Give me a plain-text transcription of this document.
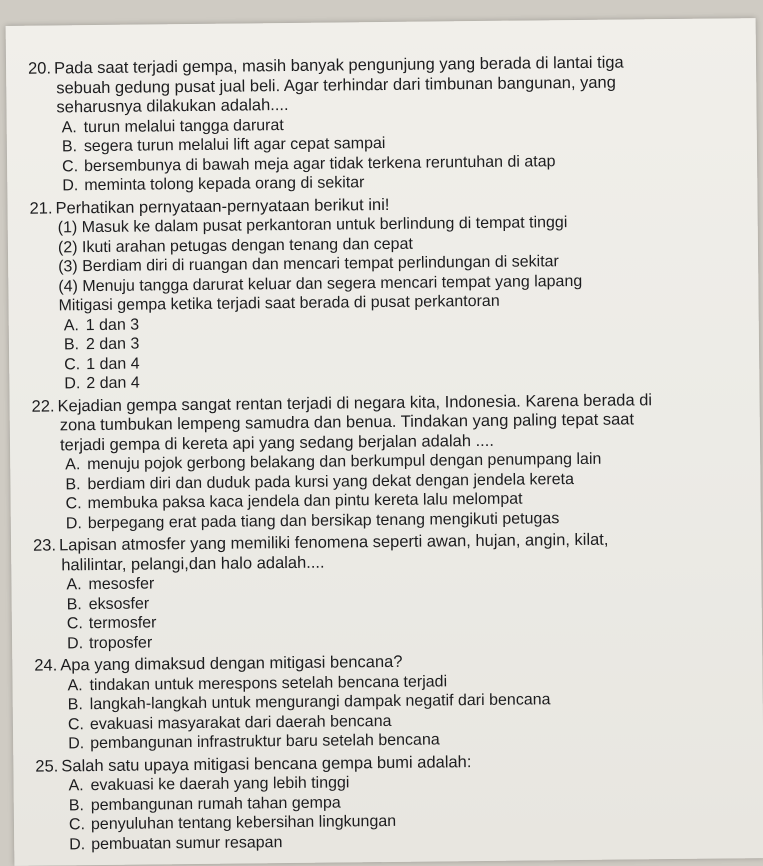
20. Pada saat terjadi gempa, masih banyak pengunjung yang berada di lantai tiga
sebuah gedung pusat jual beli. Agar terhindar dari timbunan bangunan, yang
seharusnya dilakukan adalah....
A. turun melalui tangga darurat
B. segera turun melalui lift agar cepat sampai
C. bersembunya di bawah meja agar tidak terkena reruntuhan di atap
D. meminta tolong kepada orang di sekitar
21. Perhatikan pernyataan-pernyataan berikut ini!
(1) Masuk ke dalam pusat perkantoran untuk berlindung di tempat tinggi
(2) Ikuti arahan petugas dengan tenang dan cepat
(3) Berdiam diri di ruangan dan mencari tempat perlindungan di sekitar
(4) Menuju tangga darurat keluar dan segera mencari tempat yang lapang
Mitigasi gempa ketika terjadi saat berada di pusat perkantoran
A. 1 dan 3
B. 2 dan 3
C. 1 dan 4
D. 2 dan 4
22. Kejadian gempa sangat rentan terjadi di negara kita, Indonesia. Karena berada di
zona tumbukan lempeng samudra dan benua. Tindakan yang paling tepat saat
terjadi gempa di kereta api yang sedang berjalan adalah ....
A. menuju pojok gerbong belakang dan berkumpul dengan penumpang lain
B. berdiam diri dan duduk pada kursi yang dekat dengan jendela kereta
C. membuka paksa kaca jendela dan pintu kereta lalu melompat
D. berpegang erat pada tiang dan bersikap tenang mengikuti petugas
23. Lapisan atmosfer yang memiliki fenomena seperti awan, hujan, angin, kilat,
halilintar, pelangi,dan halo adalah....
A. mesosfer
B. eksosfer
C. termosfer
D. troposfer
24. Apa yang dimaksud dengan mitigasi bencana?
A. tindakan untuk merespons setelah bencana terjadi
B. langkah-langkah untuk mengurangi dampak negatif dari bencana
C. evakuasi masyarakat dari daerah bencana
D. pembangunan infrastruktur baru setelah bencana
25. Salah satu upaya mitigasi bencana gempa bumi adalah:
A. evakuasi ke daerah yang lebih tinggi
B. pembangunan rumah tahan gempa
C. penyuluhan tentang kebersihan lingkungan
D. pembuatan sumur resapan
